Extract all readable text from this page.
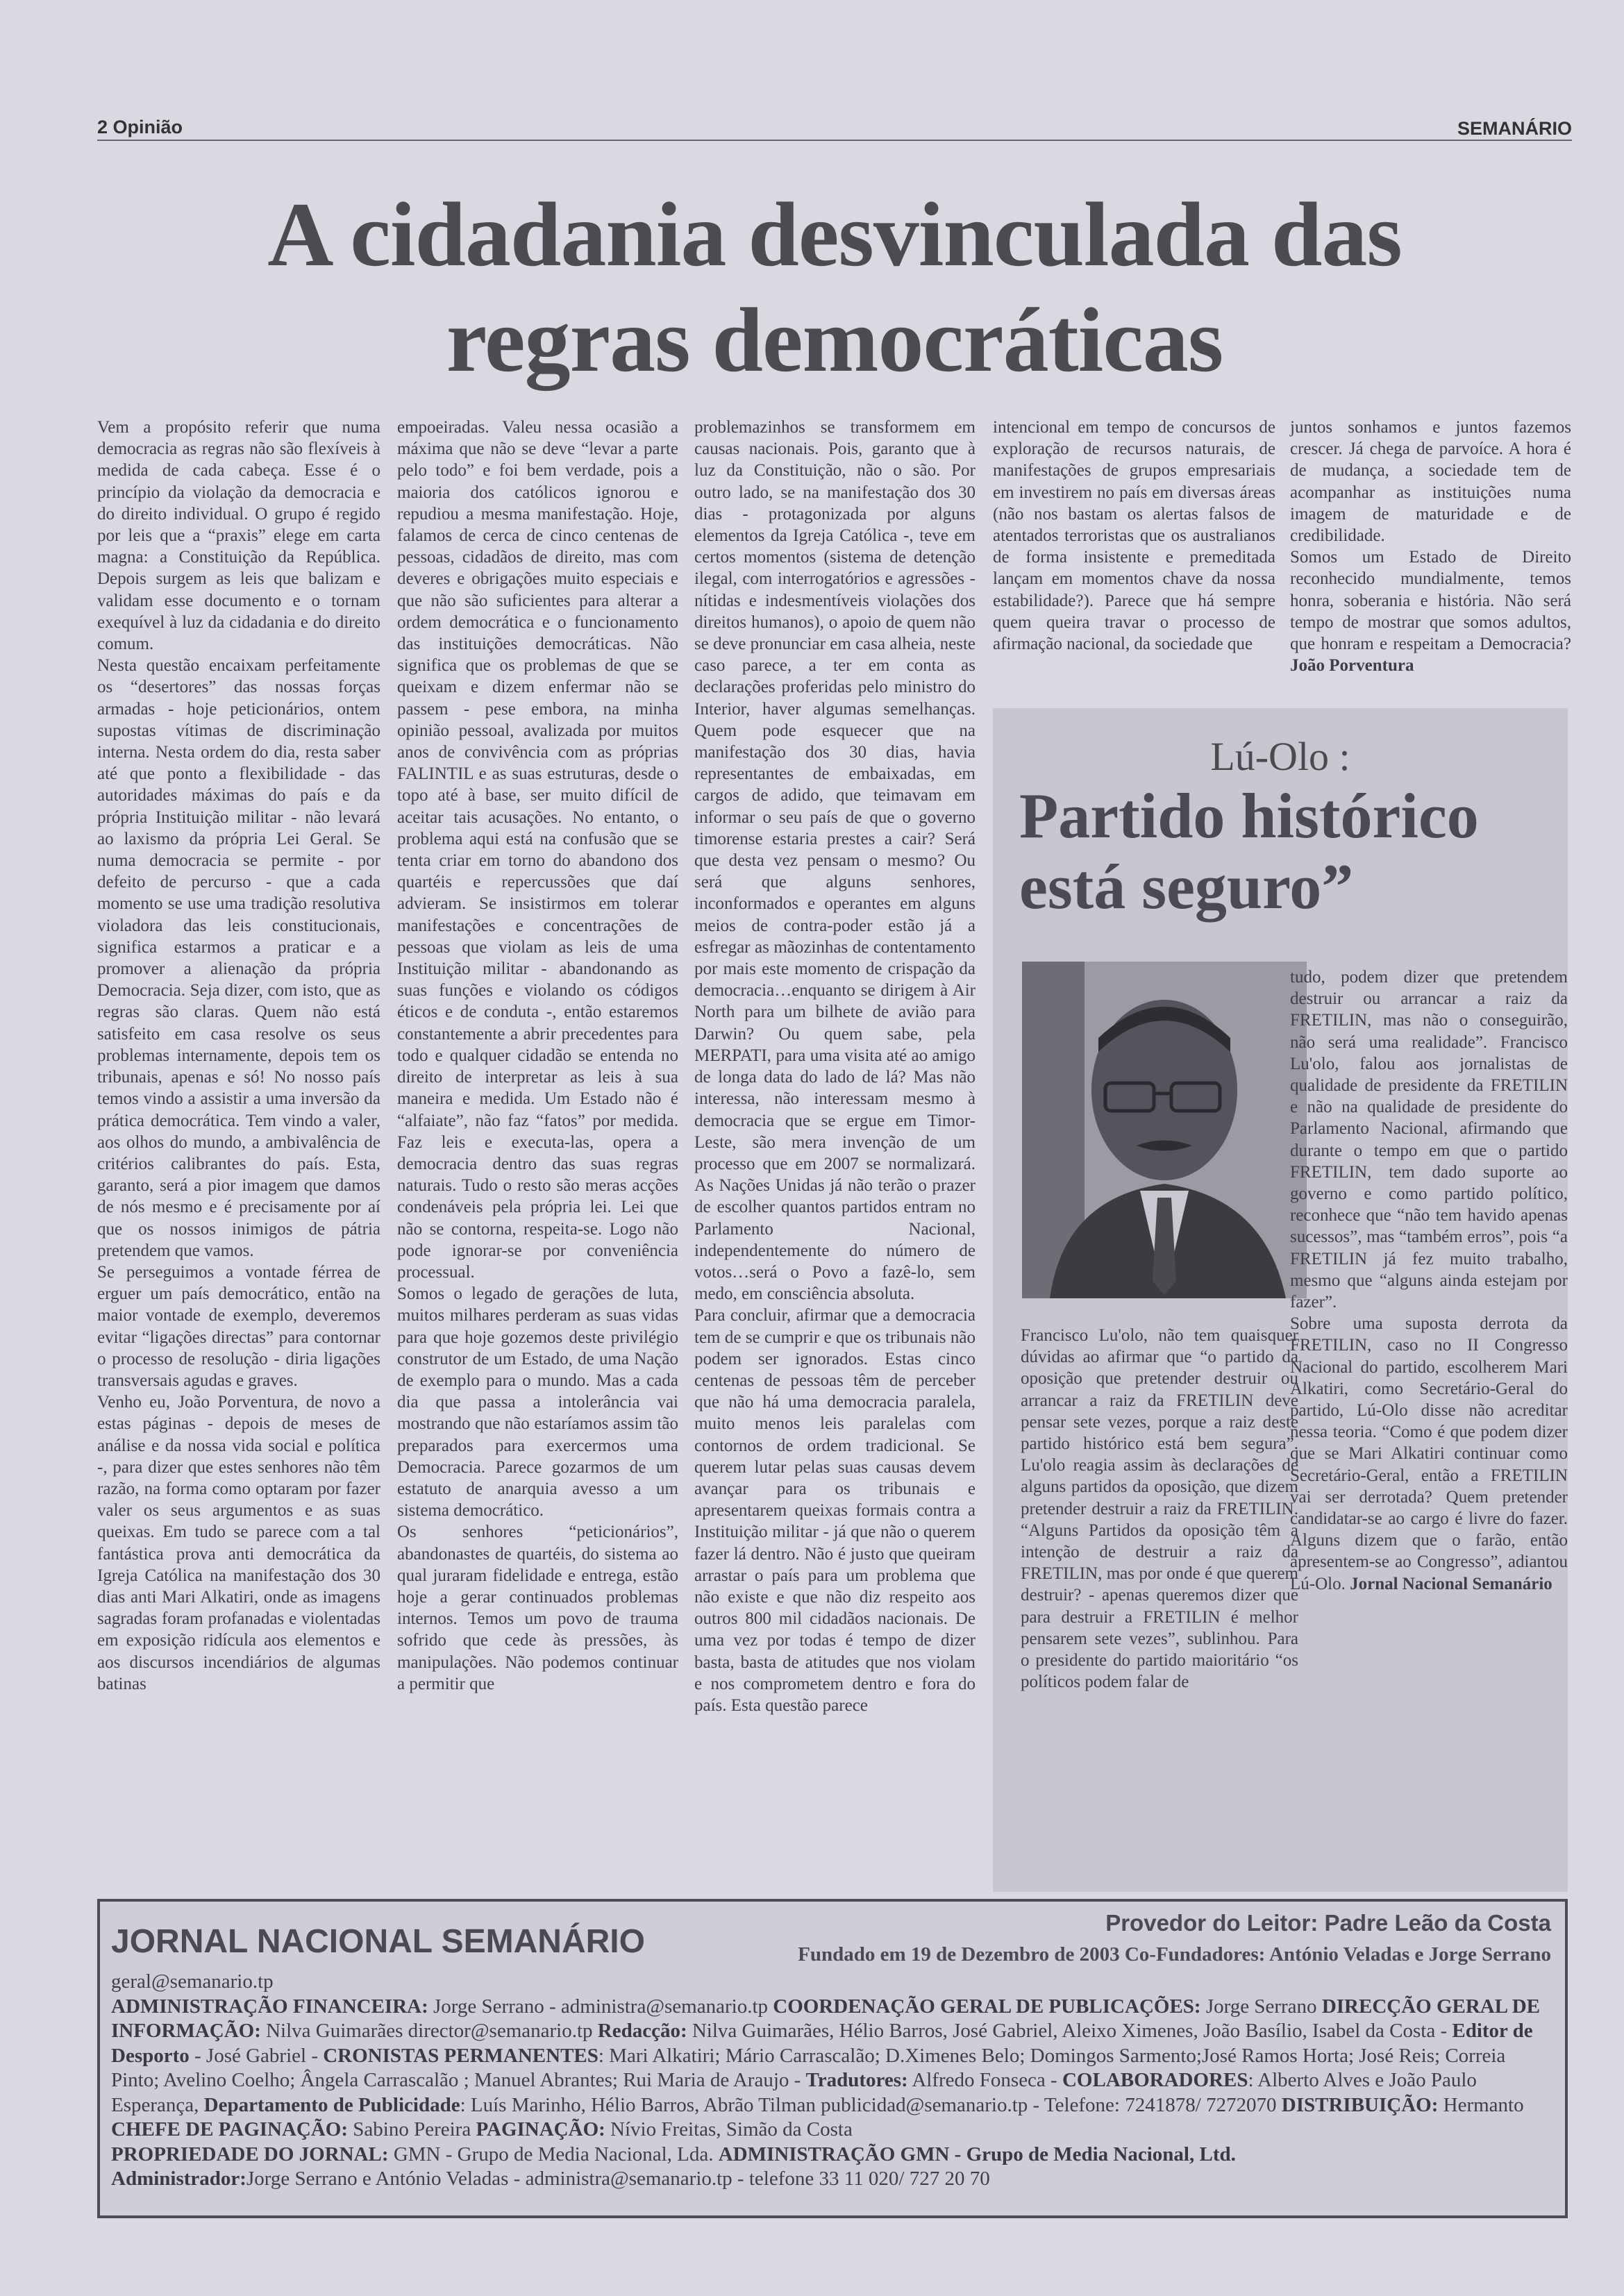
2 Opinião	SEMANÁRIO
A cidadania desvinculada das
regras democráticas

Vem a propósito referir que numa democracia as regras não são flexíveis à medida de cada cabeça. Esse é o princípio da violação da democracia e do direito individual. O grupo é regido por leis que a “praxis” elege em carta magna: a Constituição da República. Depois surgem as leis que balizam e validam esse documento e o tornam exequível à luz da cidadania e do direito comum.

Nesta questão encaixam perfeitamente os “desertores” das nossas forças armadas - hoje peticionários, ontem supostas vítimas de discriminação interna. Nesta ordem do dia, resta saber até que ponto a flexibilidade - das autoridades máximas do país e da própria Instituição militar - não levará ao laxismo da própria Lei Geral. Se numa democracia se permite - por defeito de percurso - que a cada momento se use uma tradição resolutiva violadora das leis constitucionais, significa estarmos a praticar e a promover a alienação da própria Democracia. Seja dizer, com isto, que as regras são claras. Quem não está satisfeito em casa resolve os seus problemas internamente, depois tem os tribunais, apenas e só! No nosso país temos vindo a assistir a uma inversão da prática democrática. Tem vindo a valer, aos olhos do mundo, a ambivalência de critérios calibrantes do país. Esta, garanto, será a pior imagem que damos de nós mesmo e é precisamente por aí que os nossos inimigos de pátria pretendem que vamos.

Se perseguimos a vontade férrea de erguer um país democrático, então na maior vontade de exemplo, deveremos evitar “ligações directas” para contornar o processo de resolução - diria ligações transversais agudas e graves.

Venho eu, João Porventura, de novo a estas páginas - depois de meses de análise e da nossa vida social e política -, para dizer que estes senhores não têm razão, na forma como optaram por fazer valer os seus argumentos e as suas queixas. Em tudo se parece com a tal fantástica prova anti democrática da Igreja Católica na manifestação dos 30 dias anti Mari Alkatiri, onde as imagens sagradas foram profanadas e violentadas em exposição ridícula aos elementos e aos discursos incendiários de algumas batinas

empoeiradas. Valeu nessa ocasião a máxima que não se deve “levar a parte pelo todo” e foi bem verdade, pois a maioria dos católicos ignorou e repudiou a mesma manifestação. Hoje, falamos de cerca de cinco centenas de pessoas, cidadãos de direito, mas com deveres e obrigações muito especiais e que não são suficientes para alterar a ordem democrática e o funcionamento das instituições democráticas. Não significa que os problemas de que se queixam e dizem enfermar não se passem - pese embora, na minha opinião pessoal, avalizada por muitos anos de convivência com as próprias FALINTIL e as suas estruturas, desde o topo até à base, ser muito difícil de aceitar tais acusações. No entanto, o problema aqui está na confusão que se tenta criar em torno do abandono dos quartéis e repercussões que daí advieram. Se insistirmos em tolerar manifestações e concentrações de pessoas que violam as leis de uma Instituição militar - abandonando as suas funções e violando os códigos éticos e de conduta -, então estaremos constantemente a abrir precedentes para todo e qualquer cidadão se entenda no direito de interpretar as leis à sua maneira e medida. Um Estado não é “alfaiate”, não faz “fatos” por medida. Faz leis e executa-las, opera a democracia dentro das suas regras naturais. Tudo o resto são meras acções condenáveis pela própria lei. Lei que não se contorna, respeita-se. Logo não pode ignorar-se por conveniência processual.

Somos o legado de gerações de luta, muitos milhares perderam as suas vidas para que hoje gozemos deste privilégio construtor de um Estado, de uma Nação de exemplo para o mundo. Mas a cada dia que passa a intolerância vai mostrando que não estaríamos assim tão preparados para exercermos uma Democracia. Parece gozarmos de um estatuto de anarquia avesso a um sistema democrático.

Os senhores “peticionários”, abandonastes de quartéis, do sistema ao qual juraram fidelidade e entrega, estão hoje a gerar continuados problemas internos. Temos um povo de trauma sofrido que cede às pressões, às manipulações. Não podemos continuar a permitir que

problemazinhos se transformem em causas nacionais. Pois, garanto que à luz da Constituição, não o são. Por outro lado, se na manifestação dos 30 dias - protagonizada por alguns elementos da Igreja Católica -, teve em certos momentos (sistema de detenção ilegal, com interrogatórios e agressões - nítidas e indesmentíveis violações dos direitos humanos), o apoio de quem não se deve pronunciar em casa alheia, neste caso parece, a ter em conta as declarações proferidas pelo ministro do Interior, haver algumas semelhanças. Quem pode esquecer que na manifestação dos 30 dias, havia representantes de embaixadas, em cargos de adido, que teimavam em informar o seu país de que o governo timorense estaria prestes a cair? Será que desta vez pensam o mesmo? Ou será que alguns senhores, inconformados e operantes em alguns meios de contra-poder estão já a esfregar as mãozinhas de contentamento por mais este momento de crispação da democracia…enquanto se dirigem à Air North para um bilhete de avião para Darwin? Ou quem sabe, pela MERPATI, para uma visita até ao amigo de longa data do lado de lá? Mas não interessa, não interessam mesmo à democracia que se ergue em Timor-Leste, são mera invenção de um processo que em 2007 se normalizará. As Nações Unidas já não terão o prazer de escolher quantos partidos entram no Parlamento Nacional, independentemente do número de votos…será o Povo a fazê-lo, sem medo, em consciência absoluta.

Para concluir, afirmar que a democracia tem de se cumprir e que os tribunais não podem ser ignorados. Estas cinco centenas de pessoas têm de perceber que não há uma democracia paralela, muito menos leis paralelas com contornos de ordem tradicional. Se querem lutar pelas suas causas devem avançar para os tribunais e apresentarem queixas formais contra a Instituição militar - já que não o querem fazer lá dentro. Não é justo que queiram arrastar o país para um problema que não existe e que não diz respeito aos outros 800 mil cidadãos nacionais. De uma vez por todas é tempo de dizer basta, basta de atitudes que nos violam e nos comprometem dentro e fora do país. Esta questão parece

intencional em tempo de concursos de exploração de recursos naturais, de manifestações de grupos empresariais em investirem no país em diversas áreas (não nos bastam os alertas falsos de atentados terroristas que os australianos de forma insistente e premeditada lançam em momentos chave da nossa estabilidade?). Parece que há sempre quem queira travar o processo de afirmação nacional, da sociedade que

juntos sonhamos e juntos fazemos crescer. Já chega de parvoíce. A hora é de mudança, a sociedade tem de acompanhar as instituições numa imagem de maturidade e de credibilidade.

Somos um Estado de Direito reconhecido mundialmente, temos honra, soberania e história. Não será tempo de mostrar que somos adultos, que honram e respeitam a Democracia? João Porventura

Lú-Olo :
Partido histórico está seguro”

Francisco Lu'olo, não tem quaisquer dúvidas ao afirmar que “o partido da oposição que pretender destruir ou arrancar a raiz da FRETILIN deve pensar sete vezes, porque a raiz deste partido histórico está bem segura”. Lu'olo reagia assim às declarações de alguns partidos da oposição, que dizem pretender destruir a raiz da FRETILIN. “Alguns Partidos da oposição têm a intenção de destruir a raiz da FRETILIN, mas por onde é que querem destruir? - apenas queremos dizer que para destruir a FRETILIN é melhor pensarem sete vezes”, sublinhou. Para o presidente do partido maioritário “os políticos podem falar de

tudo, podem dizer que pretendem destruir ou arrancar a raiz da FRETILIN, mas não o conseguirão, não será uma realidade”. Francisco Lu'olo, falou aos jornalistas de qualidade de presidente da FRETILIN e não na qualidade de presidente do Parlamento Nacional, afirmando que durante o tempo em que o partido FRETILIN, tem dado suporte ao governo e como partido político, reconhece que “não tem havido apenas sucessos”, mas “também erros”, pois “a FRETILIN já fez muito trabalho, mesmo que “alguns ainda estejam por fazer”.

Sobre uma suposta derrota da FRETILIN, caso no II Congresso Nacional do partido, escolherem Mari Alkatiri, como Secretário-Geral do partido, Lú-Olo disse não acreditar nessa teoria. “Como é que podem dizer que se Mari Alkatiri continuar como Secretário-Geral, então a FRETILIN vai ser derrotada? Quem pretender candidatar-se ao cargo é livre do fazer. Alguns dizem que o farão, então apresentem-se ao Congresso”, adiantou Lú-Olo. Jornal Nacional Semanário

JORNAL NACIONAL SEMANÁRIO
Provedor do Leitor: Padre Leão da Costa
Fundado em 19 de Dezembro de 2003 Co-Fundadores: António Veladas e Jorge Serrano
geral@semanario.tp
ADMINISTRAÇÃO FINANCEIRA: Jorge Serrano - administra@semanario.tp COORDENAÇÃO GERAL DE PUBLICAÇÕES: Jorge Serrano DIRECÇÃO GERAL DE INFORMAÇÃO: Nilva Guimarães director@semanario.tp Redacção: Nilva Guimarães, Hélio Barros, José Gabriel, Aleixo Ximenes, João Basílio, Isabel da Costa - Editor de Desporto - José Gabriel - CRONISTAS PERMANENTES: Mari Alkatiri; Mário Carrascalão; D.Ximenes Belo; Domingos Sarmento;José Ramos Horta; José Reis; Correia Pinto; Avelino Coelho; Ângela Carrascalão ; Manuel Abrantes; Rui Maria de Araujo - Tradutores: Alfredo Fonseca - COLABORADORES: Alberto Alves e João Paulo Esperança, Departamento de Publicidade: Luís Marinho, Hélio Barros, Abrão Tilman publicidad@semanario.tp - Telefone: 7241878/ 7272070 DISTRIBUIÇÃO: Hermanto CHEFE DE PAGINAÇÃO: Sabino Pereira PAGINAÇÃO: Nívio Freitas, Simão da Costa
PROPRIEDADE DO JORNAL: GMN - Grupo de Media Nacional, Lda. ADMINISTRAÇÃO GMN - Grupo de Media Nacional, Ltd.
Administrador:Jorge Serrano e António Veladas - administra@semanario.tp - telefone 33 11 020/ 727 20 70
